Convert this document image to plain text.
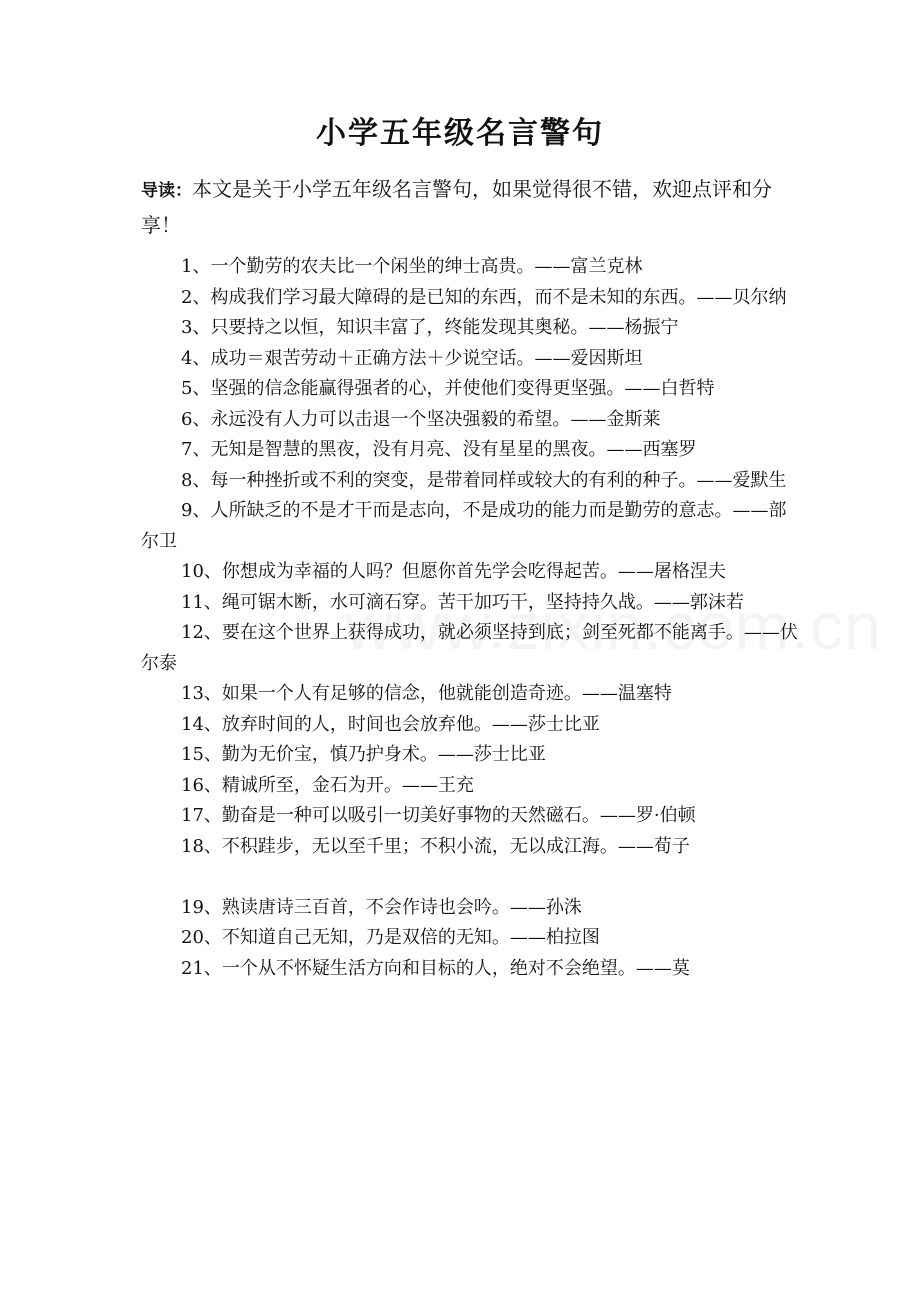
小学五年级名言警句
导读：本文是关于小学五年级名言警句，如果觉得很不错，欢迎点评和分享！

1、一个勤劳的农夫比一个闲坐的绅士高贵。——富兰克林

2、构成我们学习最大障碍的是已知的东西，而不是未知的东西。——贝尔纳

3、只要持之以恒，知识丰富了，终能发现其奥秘。——杨振宁

4、成功＝艰苦劳动＋正确方法＋少说空话。——爱因斯坦

5、坚强的信念能赢得强者的心，并使他们变得更坚强。——白哲特

6、永远没有人力可以击退一个坚决强毅的希望。——金斯莱

7、无知是智慧的黑夜，没有月亮、没有星星的黑夜。——西塞罗

8、每一种挫折或不利的突变，是带着同样或较大的有利的种子。——爱默生

9、人所缺乏的不是才干而是志向，不是成功的能力而是勤劳的意志。——部尔卫

10、你想成为幸福的人吗？但愿你首先学会吃得起苦。——屠格涅夫

11、绳可锯木断，水可滴石穿。苦干加巧干，坚持持久战。——郭沫若

12、要在这个世界上获得成功，就必须坚持到底；剑至死都不能离手。——伏尔泰

13、如果一个人有足够的信念，他就能创造奇迹。——温塞特

14、放弃时间的人，时间也会放弃他。——莎士比亚

15、勤为无价宝，慎乃护身术。——莎士比亚

16、精诚所至，金石为开。——王充

17、勤奋是一种可以吸引一切美好事物的天然磁石。——罗·伯顿

18、不积跬步，无以至千里；不积小流，无以成江海。——荀子

19、熟读唐诗三百首，不会作诗也会吟。——孙洙

20、不知道自己无知，乃是双倍的无知。——柏拉图

21、一个从不怀疑生活方向和目标的人，绝对不会绝望。——莫
